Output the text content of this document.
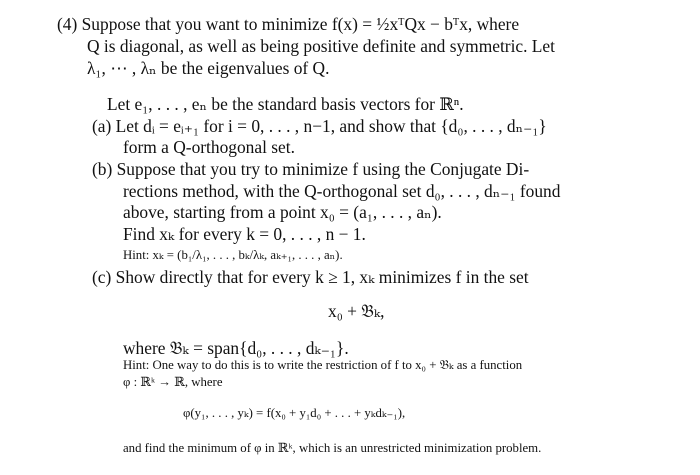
(4) Suppose that you want to minimize f(x) = ½xᵀQx − bᵀx, where
Q is diagonal, as well as being positive definite and symmetric. Let
λ₁, ⋯ , λₙ be the eigenvalues of Q.
Let e₁, . . . , eₙ be the standard basis vectors for ℝⁿ.
(a) Let dᵢ = eᵢ₊₁ for i = 0, . . . , n−1, and show that {d₀, . . . , dₙ₋₁}
form a Q-orthogonal set.
(b) Suppose that you try to minimize f using the Conjugate Di-
rections method, with the Q-orthogonal set d₀, . . . , dₙ₋₁ found
above, starting from a point x₀ = (a₁, . . . , aₙ).
Find xₖ for every k = 0, . . . , n − 1.
Hint: xₖ = (b₁/λ₁, . . . , bₖ/λₖ, aₖ₊₁, . . . , aₙ).
(c) Show directly that for every k ≥ 1, xₖ minimizes f in the set
x₀ + 𝔅ₖ,
where 𝔅ₖ = span{d₀, . . . , dₖ₋₁}.
Hint: One way to do this is to write the restriction of f to x₀ + 𝔅ₖ as a function
φ : ℝᵏ → ℝ, where
φ(y₁, . . . , yₖ) = f(x₀ + y₁d₀ + . . . + yₖdₖ₋₁),
and find the minimum of φ in ℝᵏ, which is an unrestricted minimization problem.
